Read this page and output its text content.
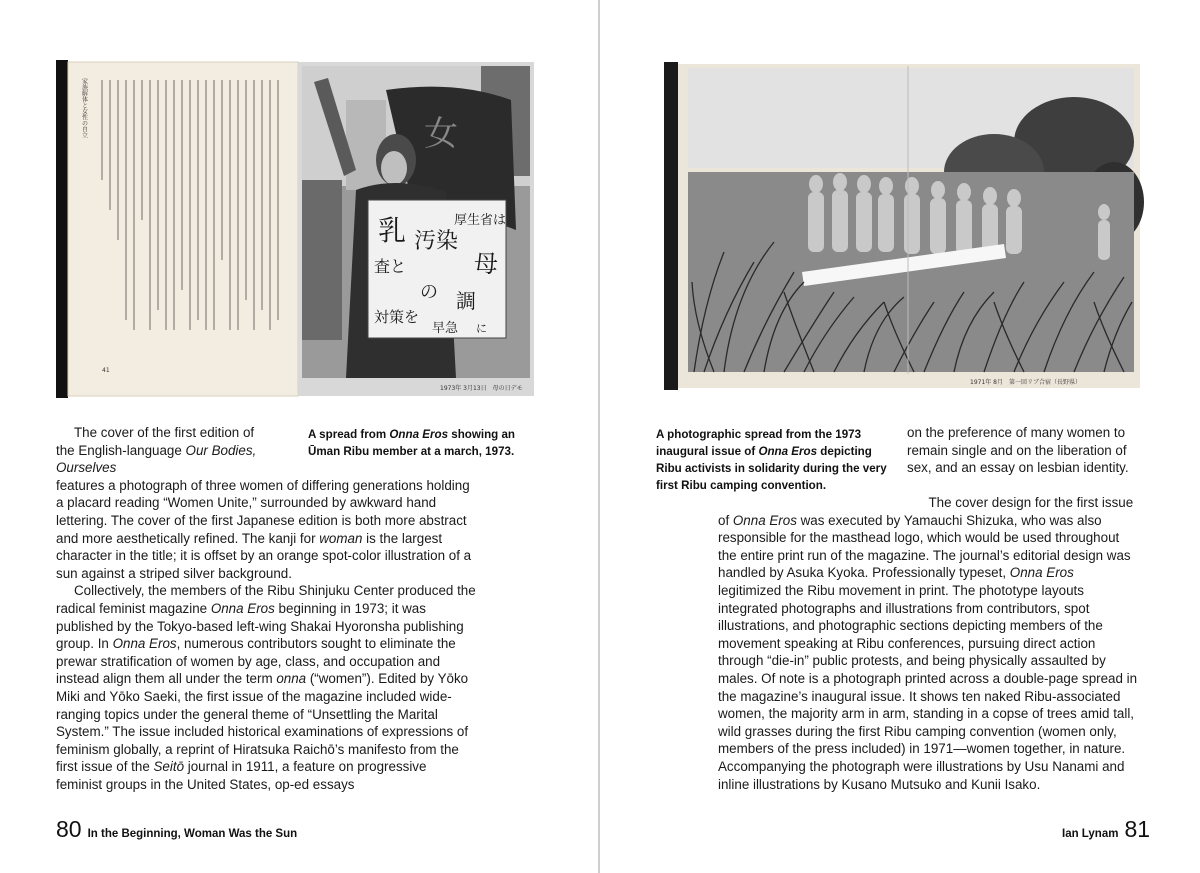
家族解体と女性の自立
41
女
乳 汚染
の 調
査と
対策を
早急 に
厚生省は
母
1973年 3月13日　母の日デモ
1971年 8月　第一回リブ合宿（長野県）

The cover of the first edition of the English-language Our Bodies, Ourselves

features a photograph of three women of differing generations holding a placard reading “Women Unite,” surrounded by awkward hand lettering. The cover of the first Japanese edition is both more abstract and more aesthetically refined. The kanji for woman is the largest character in the title; it is offset by an orange spot-color illustration of a sun against a striped silver background.

Collectively, the members of the Ribu Shinjuku Center produced the radical feminist magazine Onna Eros beginning in 1973; it was published by the Tokyo-based left-wing Shakai Hyoronsha publishing group. In Onna Eros, numerous contributors sought to eliminate the prewar stratification of women by age, class, and occupation and instead align them all under the term onna (“women”). Edited by Yōko Miki and Yōko Saeki, the first issue of the magazine included wide-ranging topics under the general theme of “Unsettling the Marital System.” The issue included historical examinations of expressions of feminism globally, a reprint of Hiratsuka Raichō’s manifesto from the first issue of the Seitō journal in 1911, a feature on progressive feminist groups in the United States, op-ed essays

A spread from Onna Eros showing an Ūman Ribu member at a march, 1973.
80 In the Beginning, Woman Was the Sun
A photographic spread from the 1973 inaugural issue of Onna Eros depicting Ribu activists in solidarity during the very first Ribu camping convention.

on the preference of many women to remain single and on the liberation of sex, and an essay on lesbian identity.

The cover design for the first issue of Onna Eros was executed by Yamauchi Shizuka, who was also responsible for the masthead logo, which would be used throughout the entire print run of the magazine. The journal’s editorial design was handled by Asuka Kyoka. Professionally typeset, Onna Eros legitimized the Ribu movement in print. The phototype layouts integrated photographs and illustrations from contributors, spot illustrations, and photographic sections depicting members of the movement speaking at Ribu conferences, pursuing direct action through “die-in” public protests, and being physically assaulted by males. Of note is a photograph printed across a double-page spread in the magazine’s inaugural issue. It shows ten naked Ribu-associated women, the majority arm in arm, standing in a copse of trees amid tall, wild grasses during the first Ribu camping convention (women only, members of the press included) in 1971—women together, in nature. Accompanying the photograph were illustrations by Usu Nanami and inline illustrations by Kusano Mutsuko and Kunii Isako.

Ian Lynam 81
